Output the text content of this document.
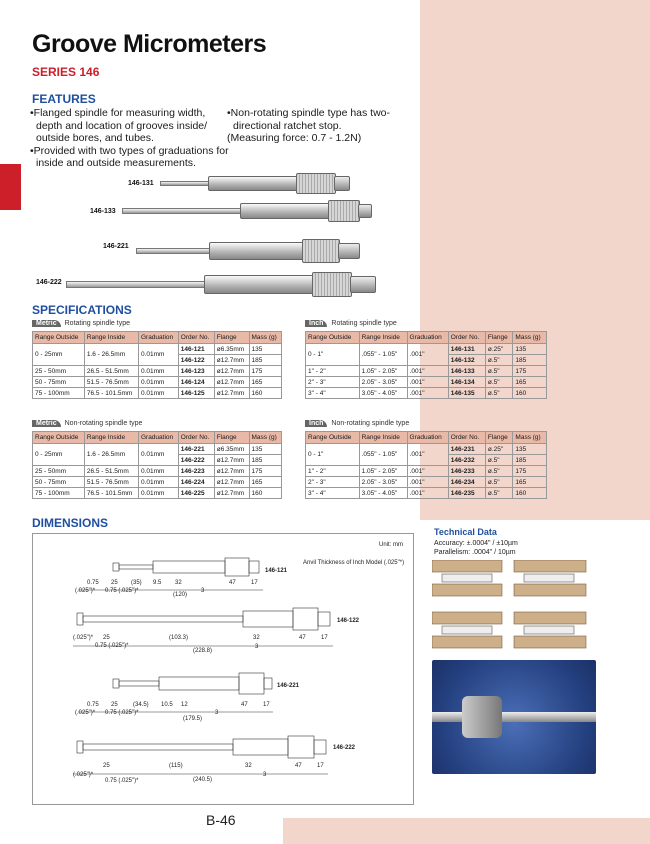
Groove Micrometers
SERIES 146
FEATURES
•Flanged spindle for measuring width,
depth and location of grooves inside/
outside bores, and tubes.
•Provided with two types of graduations for
inside and outside measurements.
•Non-rotating spindle type has two-
directional ratchet stop.
(Measuring force: 0.7 - 1.2N)
146-131
146-133
146-221
146-222
SPECIFICATIONS
Metric Rotating spindle type
Range Outside	Range Inside	Graduation	Order No.	Flange	Mass (g)
0 - 25mm	1.6 - 26.5mm	0.01mm	146-121	ø6.35mm	135
			146-122	ø12.7mm	185
25 - 50mm	26.5 - 51.5mm	0.01mm	146-123	ø12.7mm	175
50 - 75mm	51.5 - 76.5mm	0.01mm	146-124	ø12.7mm	165
75 - 100mm	76.5 - 101.5mm	0.01mm	146-125	ø12.7mm	160
Inch Rotating spindle type
Range Outside	Range Inside	Graduation	Order No.	Flange	Mass (g)
0 - 1"	.055" - 1.05"	.001"	146-131	ø.25"	135
			146-132	ø.5"	185
1" - 2"	1.05" - 2.05"	.001"	146-133	ø.5"	175
2" - 3"	2.05" - 3.05"	.001"	146-134	ø.5"	165
3" - 4"	3.05" - 4.05"	.001"	146-135	ø.5"	160
Metric Non-rotating spindle type
Range Outside	Range Inside	Graduation	Order No.	Flange	Mass (g)
0 - 25mm	1.6 - 26.5mm	0.01mm	146-221	ø6.35mm	135
			146-222	ø12.7mm	185
25 - 50mm	26.5 - 51.5mm	0.01mm	146-223	ø12.7mm	175
50 - 75mm	51.5 - 76.5mm	0.01mm	146-224	ø12.7mm	165
75 - 100mm	76.5 - 101.5mm	0.01mm	146-225	ø12.7mm	160
Inch Non-rotating spindle type
Range Outside	Range Inside	Graduation	Order No.	Flange	Mass (g)
0 - 1"	.055" - 1.05"	.001"	146-231	ø.25"	135
			146-232	ø.5"	185
1" - 2"	1.05" - 2.05"	.001"	146-233	ø.5"	175
2" - 3"	2.05" - 3.05"	.001"	146-234	ø.5"	165
3" - 4"	3.05" - 4.05"	.001"	146-235	ø.5"	160
DIMENSIONS
Unit: mm
Anvil Thickness of Inch Model (.025"*)
146-121
146-122
146-221
146-222
0.75 25 (35) 9.5 32	47	17
(120)
3
(.025")* 0.75 (.025")*
(.025")* 25
0.75 (.025")*
(103.3)	32	47	17
(228.8)
3
0.75 25	(34.5) 10.5 12	47	17
(179.5)
3
(.025")* 0.75 (.025")*
25	(115)	32	47	17
(240.5)
3
(.025")*
0.75 (.025")*
Technical Data
Accuracy: ±.0004" / ±10µm
Parallelism: .0004" / 10µm
B-46
